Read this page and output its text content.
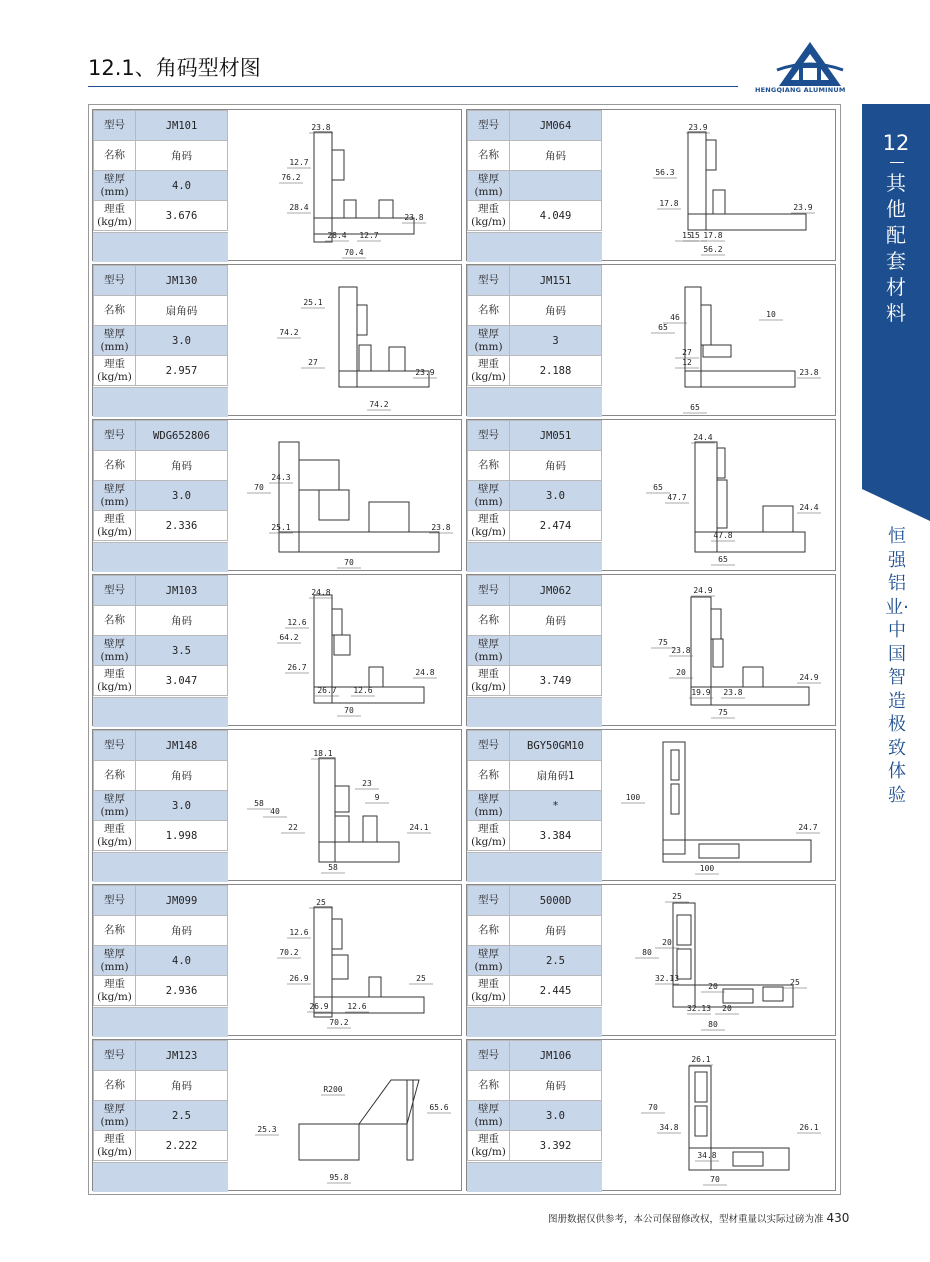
12.1、角码型材图
HENGQIANG ALUMINUM
12
其他配套材料
恒强铝业·中国智造 极致体验
型号	JM101
名称	角码
壁厚
(mm)	4.0
理重
(kg/m)	3.676
23.8
76.2
12.7
28.4
23.8
28.4 12.7
70.4
型号	JM064
名称	角码
壁厚
(mm)	
理重
(kg/m)	4.049
23.9
56.3
17.8
15
23.9
15 17.8
56.2
型号	JM130
名称	扇角码
壁厚
(mm)	3.0
理重
(kg/m)	2.957
74.2
25.1
27
23.9
74.2
型号	JM151
名称	角码
壁厚
(mm)	3
理重
(kg/m)	2.188
65
46
27
12
10
23.8
65
型号	WDG652806
名称	角码
壁厚
(mm)	3.0
理重
(kg/m)	2.336
70
24.3
25.1	23.8
70
型号	JM051
名称	角码
壁厚
(mm)	3.0
理重
(kg/m)	2.474
24.4
65
47.7
24.4
47.8
65
型号	JM103
名称	角码
壁厚
(mm)	3.5
理重
(kg/m)	3.047
24.8
64.2
12.6
26.7
24.8
26.7 12.6
70
型号	JM062
名称	角码
壁厚
(mm)	
理重
(kg/m)	3.749
24.9
75
23.8
20
24.9
19.9 23.8
75
型号	JM148
名称	角码
壁厚
(mm)	3.0
理重
(kg/m)	1.998
18.1
58
40
22
23
9
24.1
58
型号	BGY50GM10
名称	扇角码1
壁厚
(mm)	*
理重
(kg/m)	3.384
100
24.7
100
型号	JM099
名称	角码
壁厚
(mm)	4.0
理重
(kg/m)	2.936
25
70.2
12.6
26.9	25
26.9 12.6
70.2
型号	5000D
名称	角码
壁厚
(mm)	2.5
理重
(kg/m)	2.445
25
80
20
32.13
20	25
32.13 20
80
型号	JM123
名称	角码
壁厚
(mm)	2.5
理重
(kg/m)	2.222
R200
25.3
65.6
95.8
型号	JM106
名称	角码
壁厚
(mm)	3.0
理重
(kg/m)	3.392
26.1
70
34.8	26.1
34.8
70
图册数据仅供参考，本公司保留修改权，型材重量以实际过磅为准 430
